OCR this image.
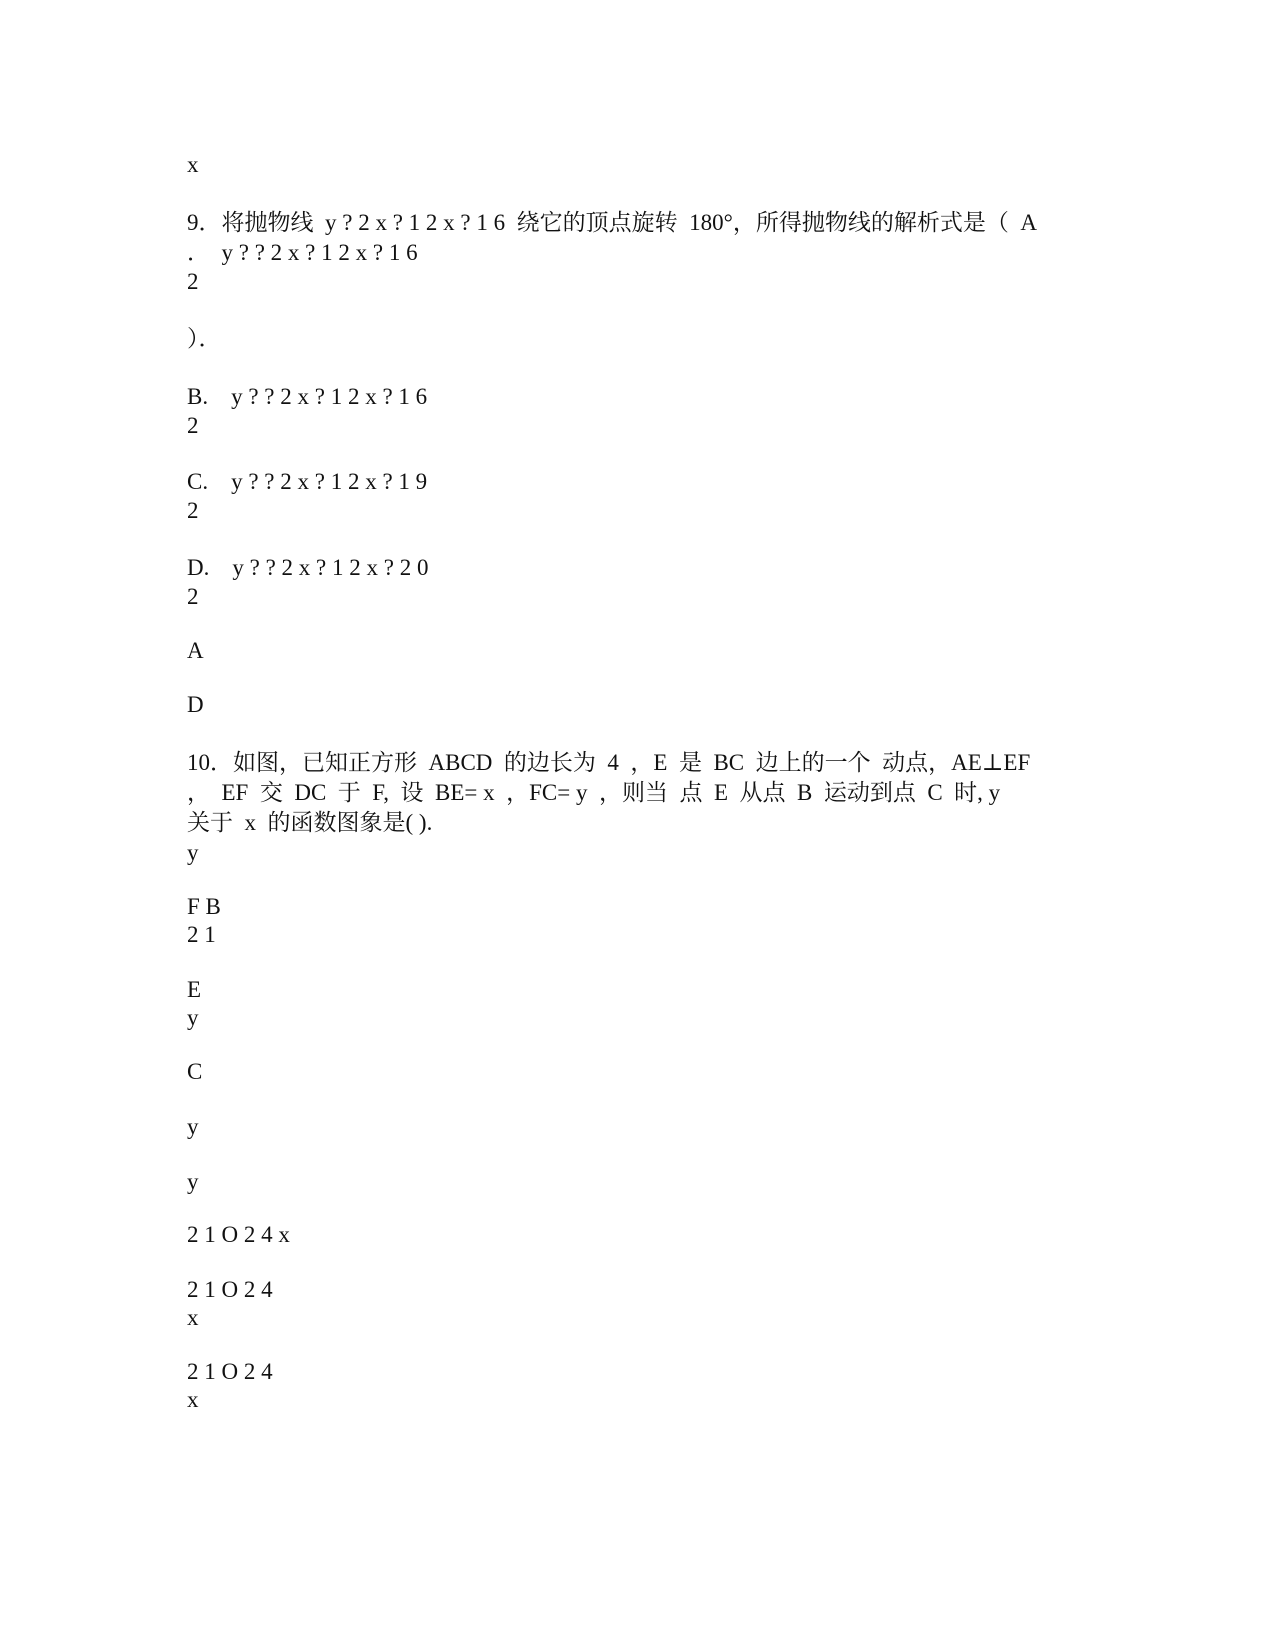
x

9．将抛物线  y ? 2 x ? 1 2 x ? 1 6  绕它的顶点旋转  180°，所得抛物线的解析式是（  A

．  y ? ? 2 x ? 1 2 x ? 1 6

2

）．

B.    y ? ? 2 x ? 1 2 x ? 1 6

2

C.    y ? ? 2 x ? 1 2 x ? 1 9

2

D.    y ? ? 2 x ? 1 2 x ? 2 0

2

A

D

10．如图，已知正方形  ABCD  的边长为  4  ，E  是  BC  边上的一个  动点，AE⊥EF

，  EF  交  DC  于  F,  设  BE= x  ，FC= y  ，则当  点  E  从点  B  运动到点  C  时, y

关于  x  的函数图象是( ).

y

F B

2 1

E

y

C

y

y

2 1 O 2 4 x

2 1 O 2 4

x

2 1 O 2 4

x
